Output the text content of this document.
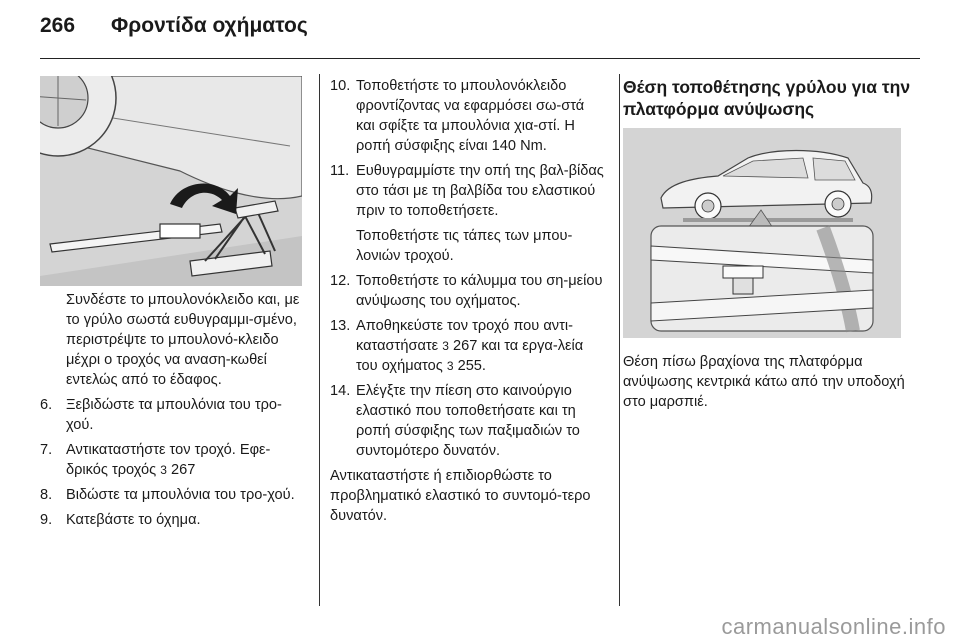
266 Φροντίδα οχήματος

Συνδέστε το μπουλονόκλειδο και, με το γρύλο σωστά ευθυγραμμι-σμένο, περιστρέψτε το μπουλονό-κλειδο μέχρι ο τροχός να αναση-κωθεί εντελώς από το έδαφος.

6. Ξεβιδώστε τα μπουλόνια του τρο-χού.
7. Αντικαταστήστε τον τροχό. Εφε-δρικός τροχός 3 267
8. Βιδώστε τα μπουλόνια του τρο-χού.
9. Κατεβάστε το όχημα.
10. Τοποθετήστε το μπουλονόκλειδο φροντίζοντας να εφαρμόσει σω-στά και σφίξτε τα μπουλόνια χια-στί. Η ροπή σύσφιξης είναι 140 Nm.
11. Ευθυγραμμίστε την οπή της βαλ-βίδας στο τάσι με τη βαλβίδα του ελαστικού πριν το τοποθετήσετε.
Τοποθετήστε τις τάπες των μπου-λονιών τροχού.
12. Τοποθετήστε το κάλυμμα του ση-μείου ανύψωσης του οχήματος.
13. Αποθηκεύστε τον τροχό που αντι-καταστήσατε 3 267 και τα εργα-λεία του οχήματος 3 255.
14. Ελέγξτε την πίεση στο καινούργιο ελαστικό που τοποθετήσατε και τη ροπή σύσφιξης των παξιμαδιών το συντομότερο δυνατόν.

Αντικαταστήστε ή επιδιορθώστε το προβληματικό ελαστικό το συντομό-τερο δυνατόν.

Θέση τοποθέτησης γρύλου για την πλατφόρμα ανύψωσης

Θέση πίσω βραχίονα της πλατφόρμα ανύψωσης κεντρικά κάτω από την υποδοχή στο μαρσπιέ.

carmanualsonline.info
